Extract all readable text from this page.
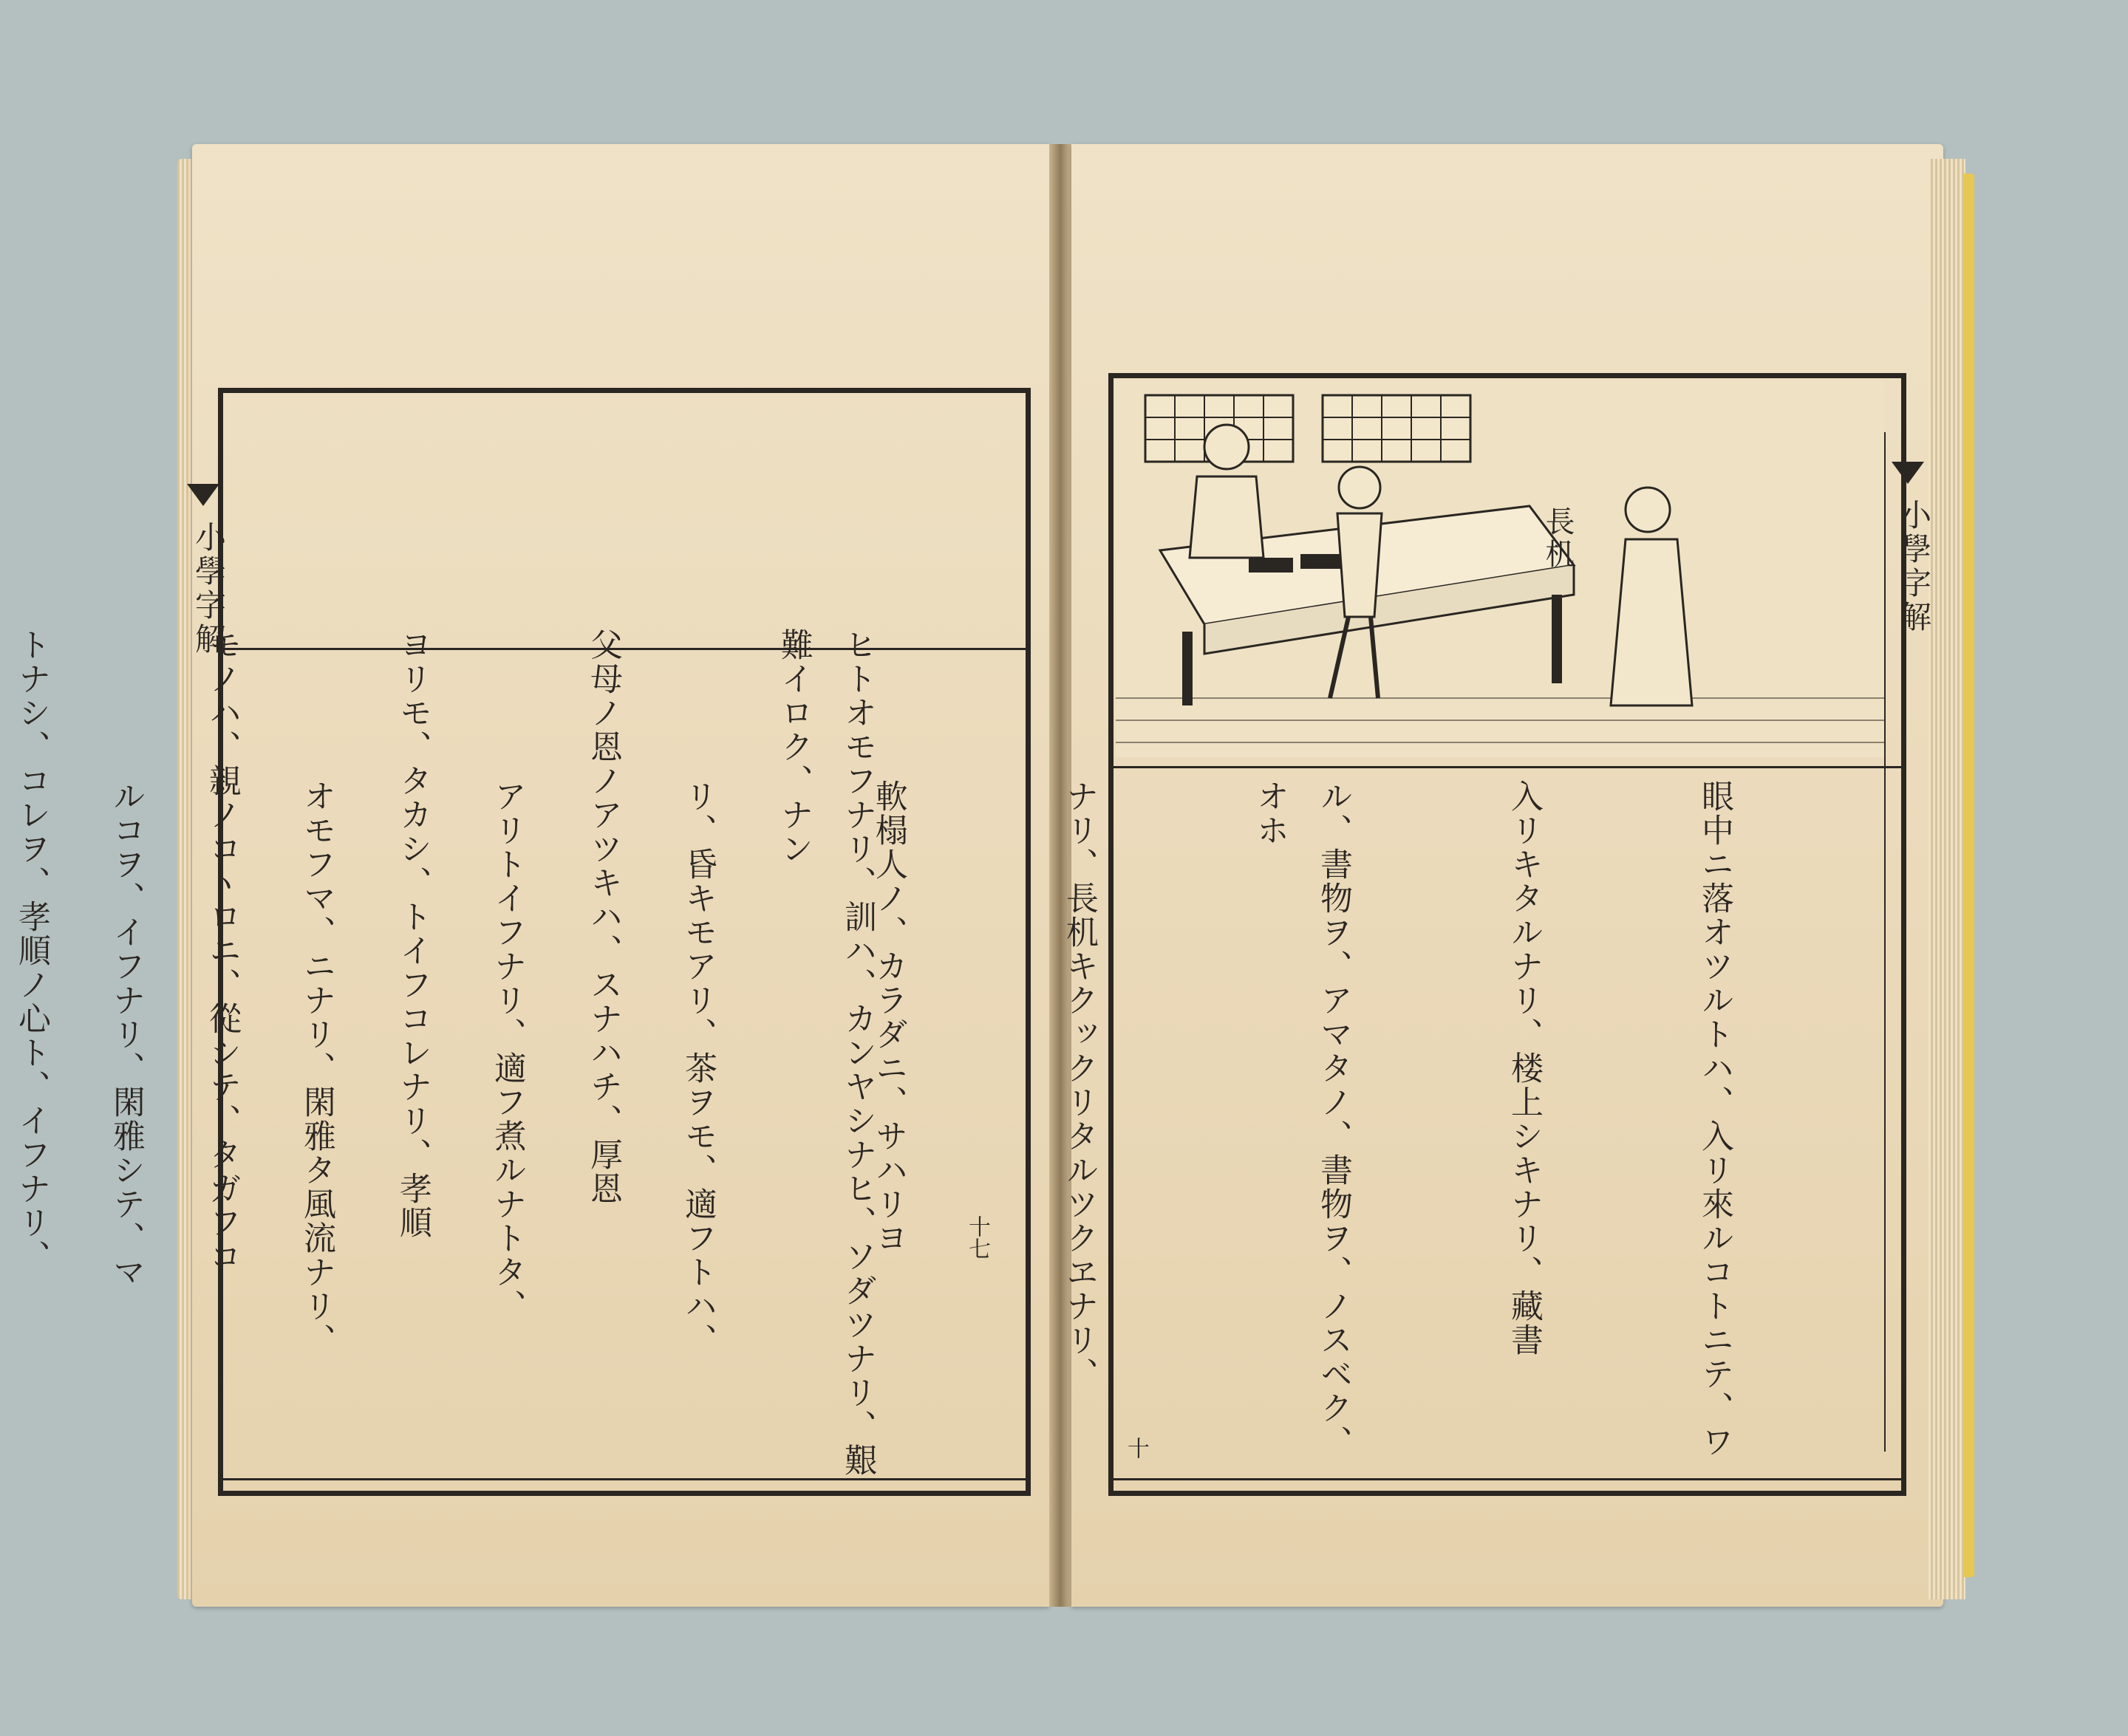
小學字解

ヒトオモフナリ、訓ハ、カンヤシナヒ、ソダツナリ、艱難イロク、ナン

父母ノ恩ノアツキハ、スナハチ、厚恩

ヨリモ、タカシ、トイフコレナリ、孝順

モノハ、親ノコヽロニ、從シテ、タガフコ

トナシ、コレヲ、孝順ノ心ト、イフナリ、

	十七
長机	小學字解

眼中ニ落オツルトハ、入リ來ルコトニテ、ワ

入リキタルナリ、楼上シキナリ、藏書

ル、書物ヲ、アマタノ、書物ヲ、ノスベク、オホ

ナリ、長机キクックリタルツクヱナリ、

軟榻人ノ、カラダニ、サハリヨ

リ、昏キモアリ、茶ヲモ、適フトハ、

アリトイフナリ、適フ煮ルナトタ、

オモフマ、ニナリ、閑雅タ風流ナリ、

ルコヲ、イフナリ、閑雅シテ、マ

十
